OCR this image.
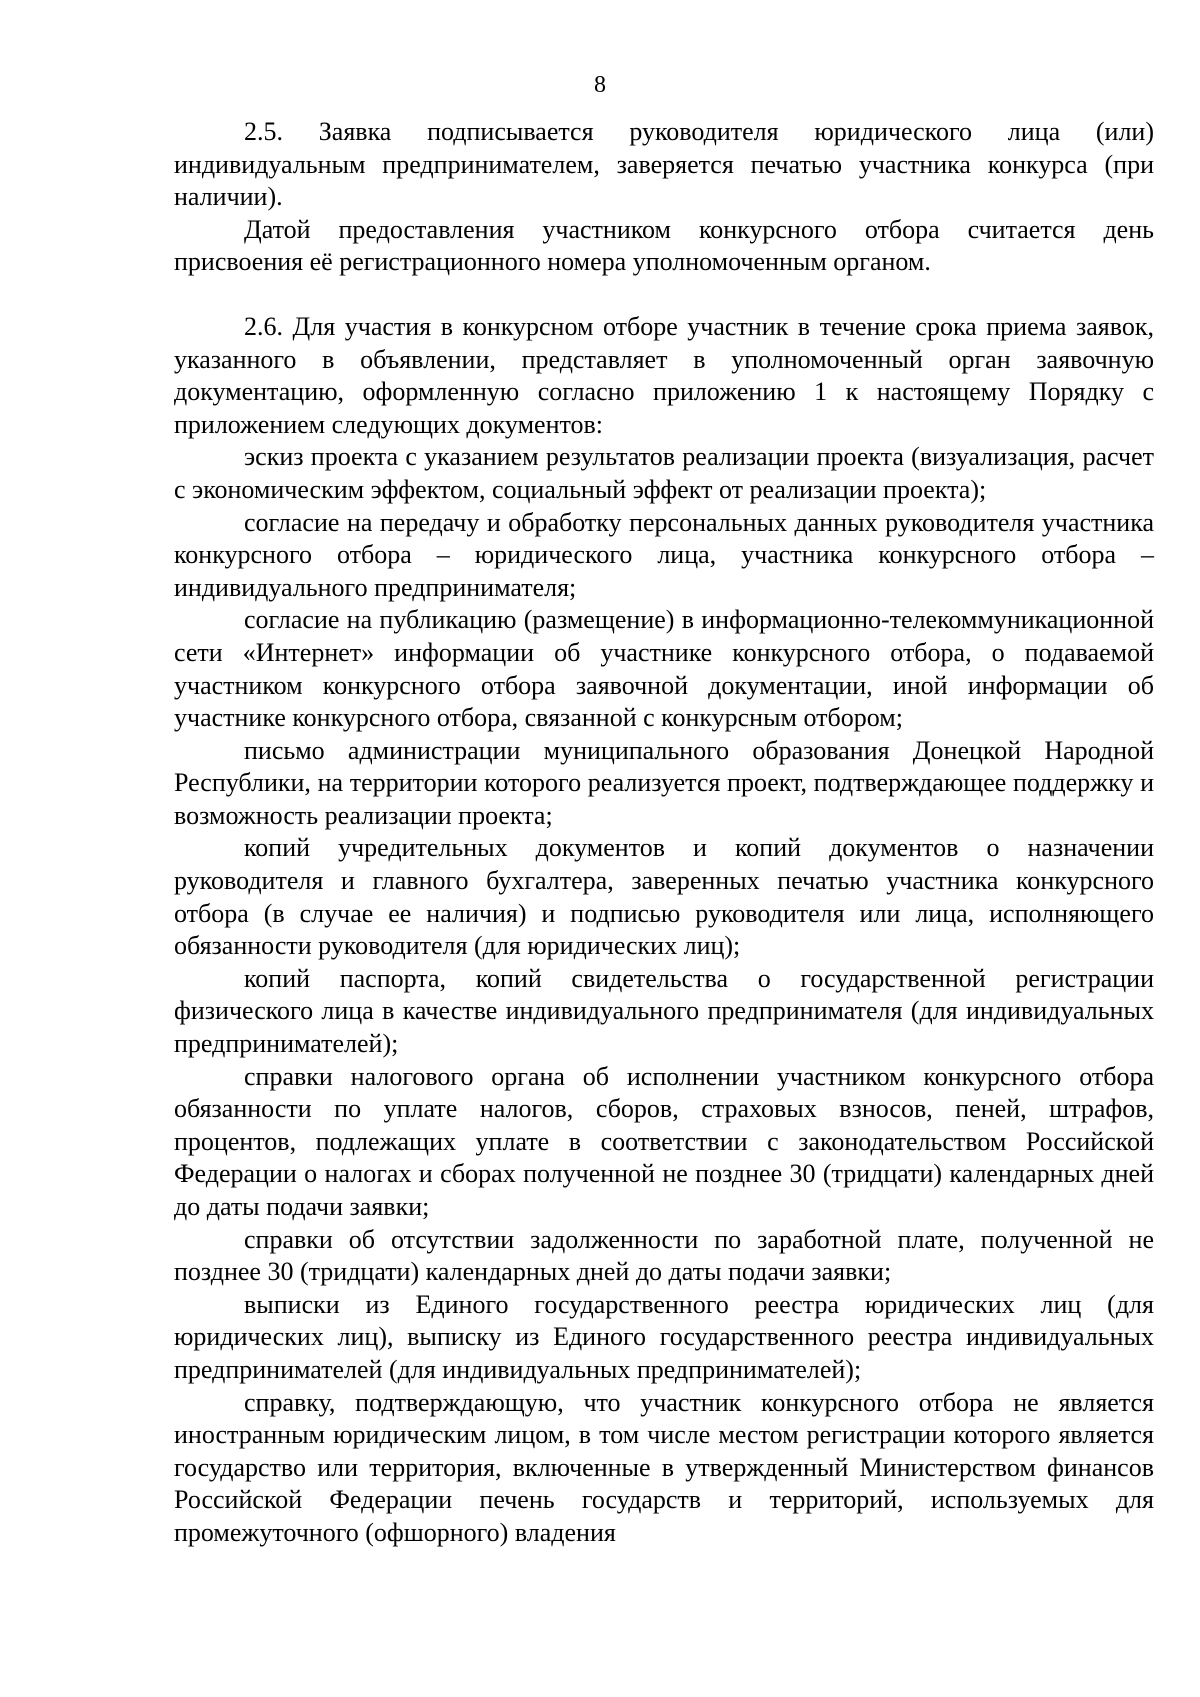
8

2.5. Заявка подписывается руководителя юридического лица (или) индивидуальным предпринимателем, заверяется печатью участника конкурса (при наличии).

Датой предоставления участником конкурсного отбора считается день присвоения её регистрационного номера уполномоченным органом.

2.6. Для участия в конкурсном отборе участник в течение срока приема заявок, указанного в объявлении, представляет в уполномоченный орган заявочную документацию, оформленную согласно приложению 1 к настоящему Порядку с приложением следующих документов:

эскиз проекта с указанием результатов реализации проекта (визуализация, расчет с экономическим эффектом, социальный эффект от реализации проекта);

согласие на передачу и обработку персональных данных руководителя участника конкурсного отбора – юридического лица, участника конкурсного отбора – индивидуального предпринимателя;

согласие на публикацию (размещение) в информационно-телекоммуникационной сети «Интернет» информации об участнике конкурсного отбора, о подаваемой участником конкурсного отбора заявочной документации, иной информации об участнике конкурсного отбора, связанной с конкурсным отбором;

письмо администрации муниципального образования Донецкой Народной Республики, на территории которого реализуется проект, подтверждающее поддержку и возможность реализации проекта;

копий учредительных документов и копий документов о назначении руководителя и главного бухгалтера, заверенных печатью участника конкурсного отбора (в случае ее наличия) и подписью руководителя или лица, исполняющего обязанности руководителя (для юридических лиц);

копий паспорта, копий свидетельства о государственной регистрации физического лица в качестве индивидуального предпринимателя (для индивидуальных предпринимателей);

справки налогового органа об исполнении участником конкурсного отбора обязанности по уплате налогов, сборов, страховых взносов, пеней, штрафов, процентов, подлежащих уплате в соответствии с законодательством Российской Федерации о налогах и сборах полученной не позднее 30 (тридцати) календарных дней до даты подачи заявки;

справки об отсутствии задолженности по заработной плате, полученной не позднее 30 (тридцати) календарных дней до даты подачи заявки;

выписки из Единого государственного реестра юридических лиц (для юридических лиц), выписку из Единого государственного реестра индивидуальных предпринимателей (для индивидуальных предпринимателей);

справку, подтверждающую, что участник конкурсного отбора не является иностранным юридическим лицом, в том числе местом регистрации которого является государство или территория, включенные в утвержденный Министерством финансов Российской Федерации печень государств и территорий, используемых для промежуточного (офшорного) владения
